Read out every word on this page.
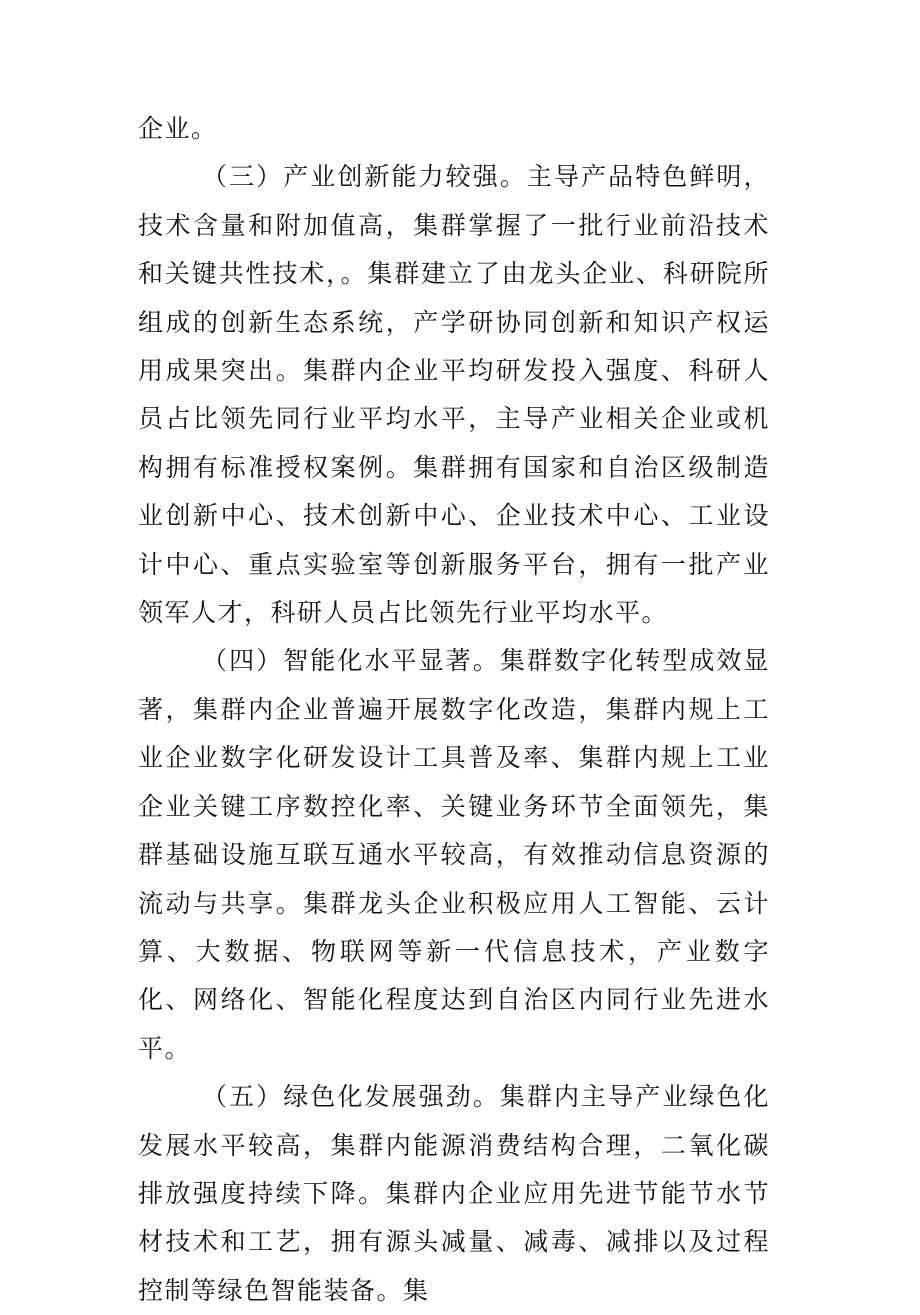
企业。

（三）产业创新能力较强。主导产品特色鲜明，技术含量和附加值高，集群掌握了一批行业前沿技术和关键共性技术，。集群建立了由龙头企业、科研院所组成的创新生态系统，产学研协同创新和知识产权运用成果突出。集群内企业平均研发投入强度、科研人员占比领先同行业平均水平，主导产业相关企业或机构拥有标准授权案例。集群拥有国家和自治区级制造业创新中心、技术创新中心、企业技术中心、工业设计中心、重点实验室等创新服务平台，拥有一批产业领军人才，科研人员占比领先行业平均水平。

（四）智能化水平显著。集群数字化转型成效显著，集群内企业普遍开展数字化改造，集群内规上工业企业数字化研发设计工具普及率、集群内规上工业企业关键工序数控化率、关键业务环节全面领先，集群基础设施互联互通水平较高，有效推动信息资源的流动与共享。集群龙头企业积极应用人工智能、云计算、大数据、物联网等新一代信息技术，产业数字化、网络化、智能化程度达到自治区内同行业先进水平。

（五）绿色化发展强劲。集群内主导产业绿色化发展水平较高，集群内能源消费结构合理，二氧化碳排放强度持续下降。集群内企业应用先进节能节水节材技术和工艺，拥有源头减量、减毒、减排以及过程控制等绿色智能装备。集
